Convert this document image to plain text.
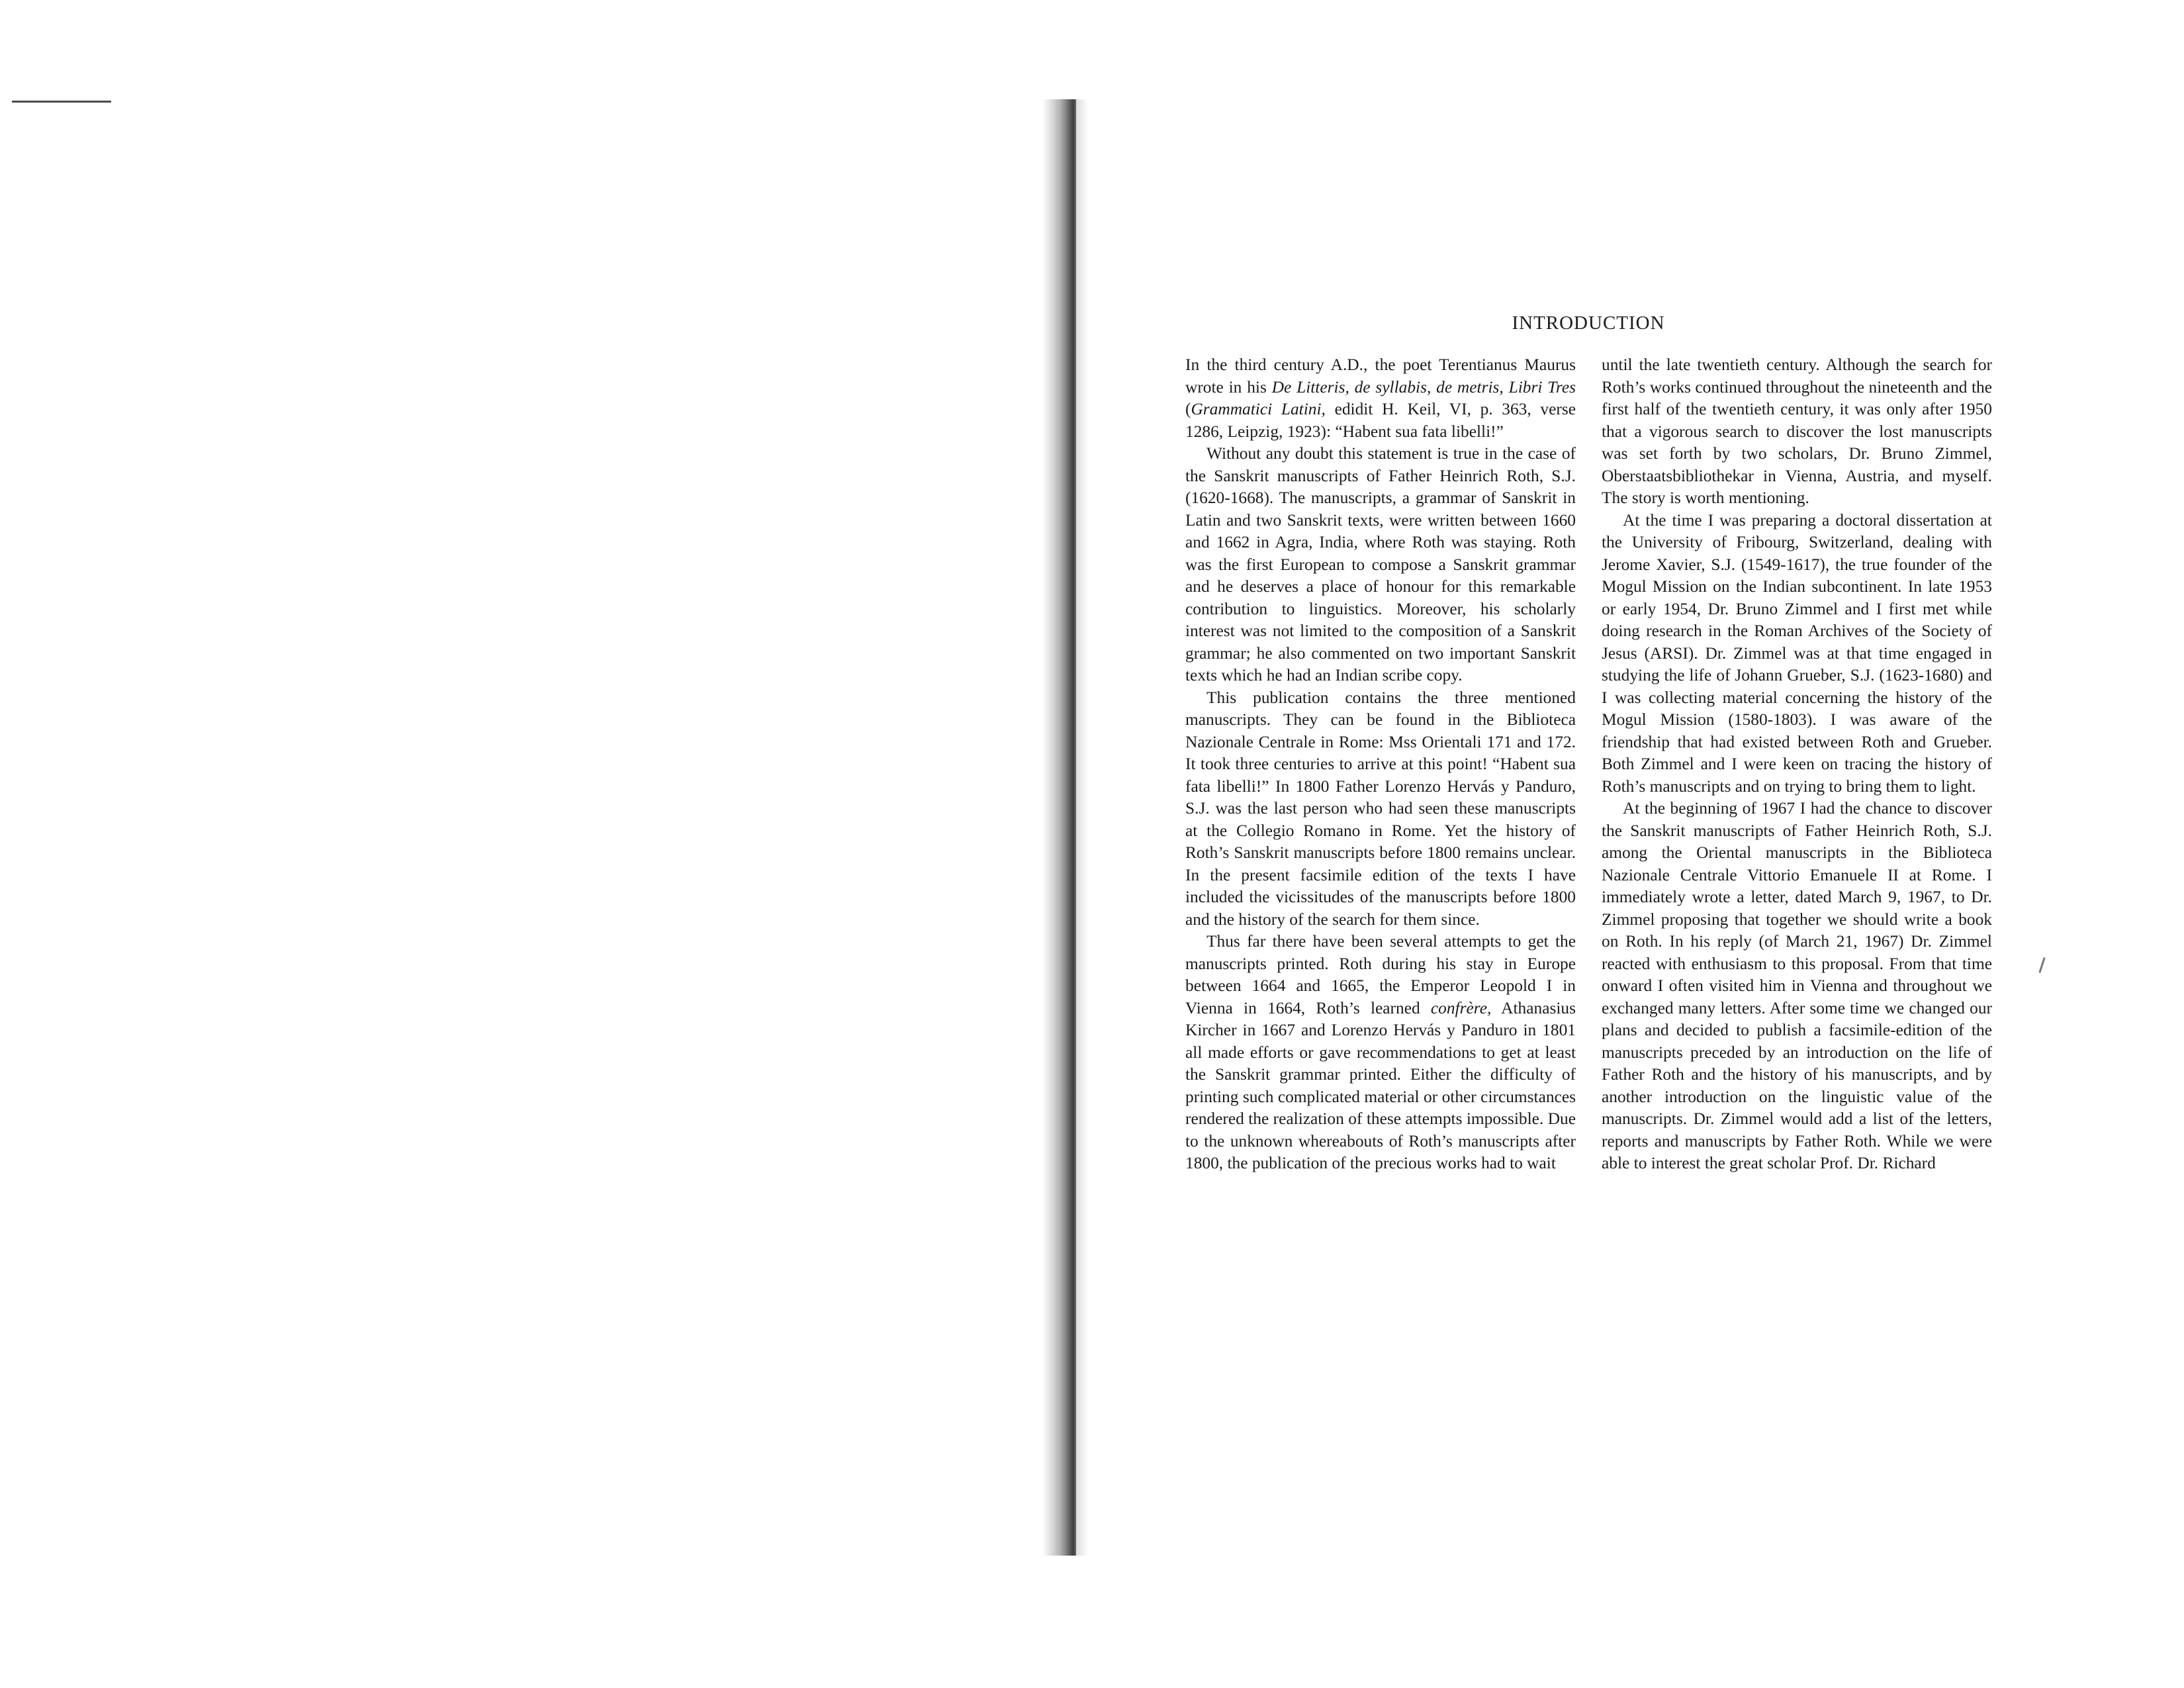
INTRODUCTION

In the third century A.D., the poet Terentianus Maurus wrote in his De Litteris, de syllabis, de metris, Libri Tres (Grammatici Latini, edidit H. Keil, VI, p. 363, verse 1286, Leipzig, 1923): “Habent sua fata libelli!”

Without any doubt this statement is true in the case of the Sanskrit manuscripts of Father Heinrich Roth, S.J. (1620-1668). The manuscripts, a grammar of Sanskrit in Latin and two Sanskrit texts, were written between 1660 and 1662 in Agra, India, where Roth was staying. Roth was the first European to compose a Sanskrit grammar and he deserves a place of honour for this remarkable contribution to linguistics. Moreover, his scholarly interest was not limited to the composition of a Sanskrit grammar; he also commented on two important Sanskrit texts which he had an Indian scribe copy.

This publication contains the three mentioned manuscripts. They can be found in the Biblioteca Nazionale Centrale in Rome: Mss Orientali 171 and 172. It took three centuries to arrive at this point! “Habent sua fata libelli!” In 1800 Father Lorenzo Hervás y Panduro, S.J. was the last person who had seen these manuscripts at the Collegio Romano in Rome. Yet the history of Roth’s Sanskrit manuscripts before 1800 remains unclear. In the present facsimile edition of the texts I have included the vicissitudes of the manuscripts before 1800 and the history of the search for them since.

Thus far there have been several attempts to get the manuscripts printed. Roth during his stay in Europe between 1664 and 1665, the Emperor Leopold I in Vienna in 1664, Roth’s learned confrère, Athanasius Kircher in 1667 and Lorenzo Hervás y Panduro in 1801 all made efforts or gave recommendations to get at least the Sanskrit grammar printed. Either the difficulty of printing such complicated material or other circumstances rendered the realization of these attempts impossible. Due to the unknown whereabouts of Roth’s manuscripts after 1800, the publication of the precious works had to wait

until the late twentieth century. Although the search for Roth’s works continued throughout the nineteenth and the first half of the twentieth century, it was only after 1950 that a vigorous search to discover the lost manuscripts was set forth by two scholars, Dr. Bruno Zimmel, Oberstaatsbibliothekar in Vienna, Austria, and myself. The story is worth mentioning.

At the time I was preparing a doctoral dissertation at the University of Fribourg, Switzerland, dealing with Jerome Xavier, S.J. (1549-1617), the true founder of the Mogul Mission on the Indian subcontinent. In late 1953 or early 1954, Dr. Bruno Zimmel and I first met while doing research in the Roman Archives of the Society of Jesus (ARSI). Dr. Zimmel was at that time engaged in studying the life of Johann Grueber, S.J. (1623-1680) and I was collecting material concerning the history of the Mogul Mission (1580-1803). I was aware of the friendship that had existed between Roth and Grueber. Both Zimmel and I were keen on tracing the history of Roth’s manuscripts and on trying to bring them to light.

At the beginning of 1967 I had the chance to discover the Sanskrit manuscripts of Father Heinrich Roth, S.J. among the Oriental manuscripts in the Biblioteca Nazionale Centrale Vittorio Emanuele II at Rome. I immediately wrote a letter, dated March 9, 1967, to Dr. Zimmel proposing that together we should write a book on Roth. In his reply (of March 21, 1967) Dr. Zimmel reacted with enthusiasm to this proposal. From that time onward I often visited him in Vienna and throughout we exchanged many letters. After some time we changed our plans and decided to publish a facsimile-edition of the manuscripts preceded by an introduction on the life of Father Roth and the history of his manuscripts, and by another introduction on the linguistic value of the manuscripts. Dr. Zimmel would add a list of the letters, reports and manuscripts by Father Roth. While we were able to interest the great scholar Prof. Dr. Richard
